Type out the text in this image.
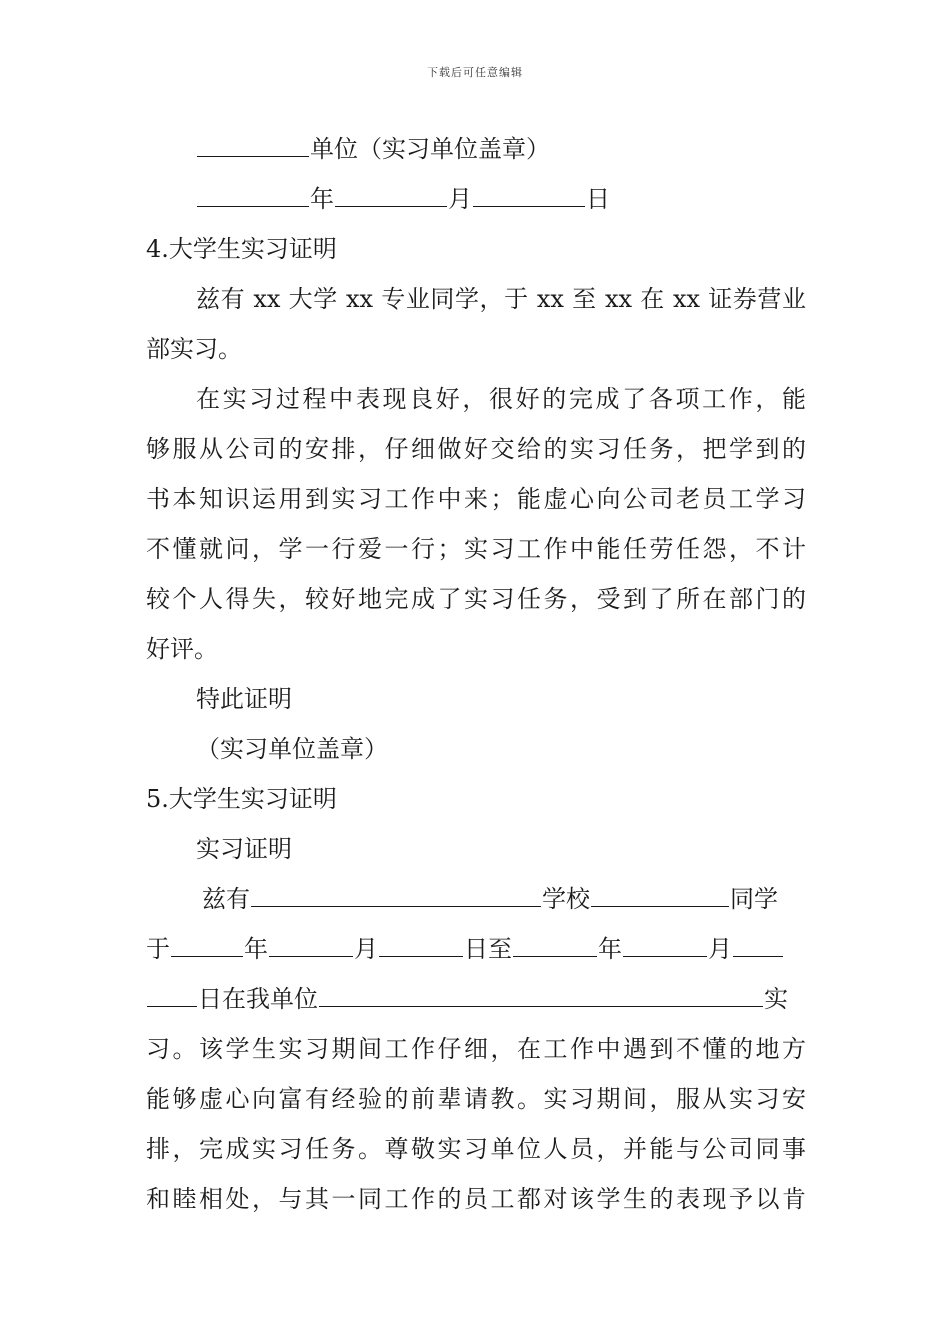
下载后可任意编辑
单位（实习单位盖章）
年	月	日
4.大学生实习证明
兹有 xx 大学 xx 专业同学，于 xx 至 xx 在 xx 证券营业
部实习。
在实习过程中表现良好，很好的完成了各项工作，能
够服从公司的安排，仔细做好交给的实习任务，把学到的
书本知识运用到实习工作中来；能虚心向公司老员工学习
不懂就问，学一行爱一行；实习工作中能任劳任怨，不计
较个人得失，较好地完成了实习任务，受到了所在部门的
好评。
特此证明
（实习单位盖章）
5.大学生实习证明
实习证明
兹有	学校	同学
于	年	月	日至	年	月
日在我单位	实
习。该学生实习期间工作仔细，在工作中遇到不懂的地方
能够虚心向富有经验的前辈请教。实习期间，服从实习安
排，完成实习任务。尊敬实习单位人员，并能与公司同事
和睦相处，与其一同工作的员工都对该学生的表现予以肯
